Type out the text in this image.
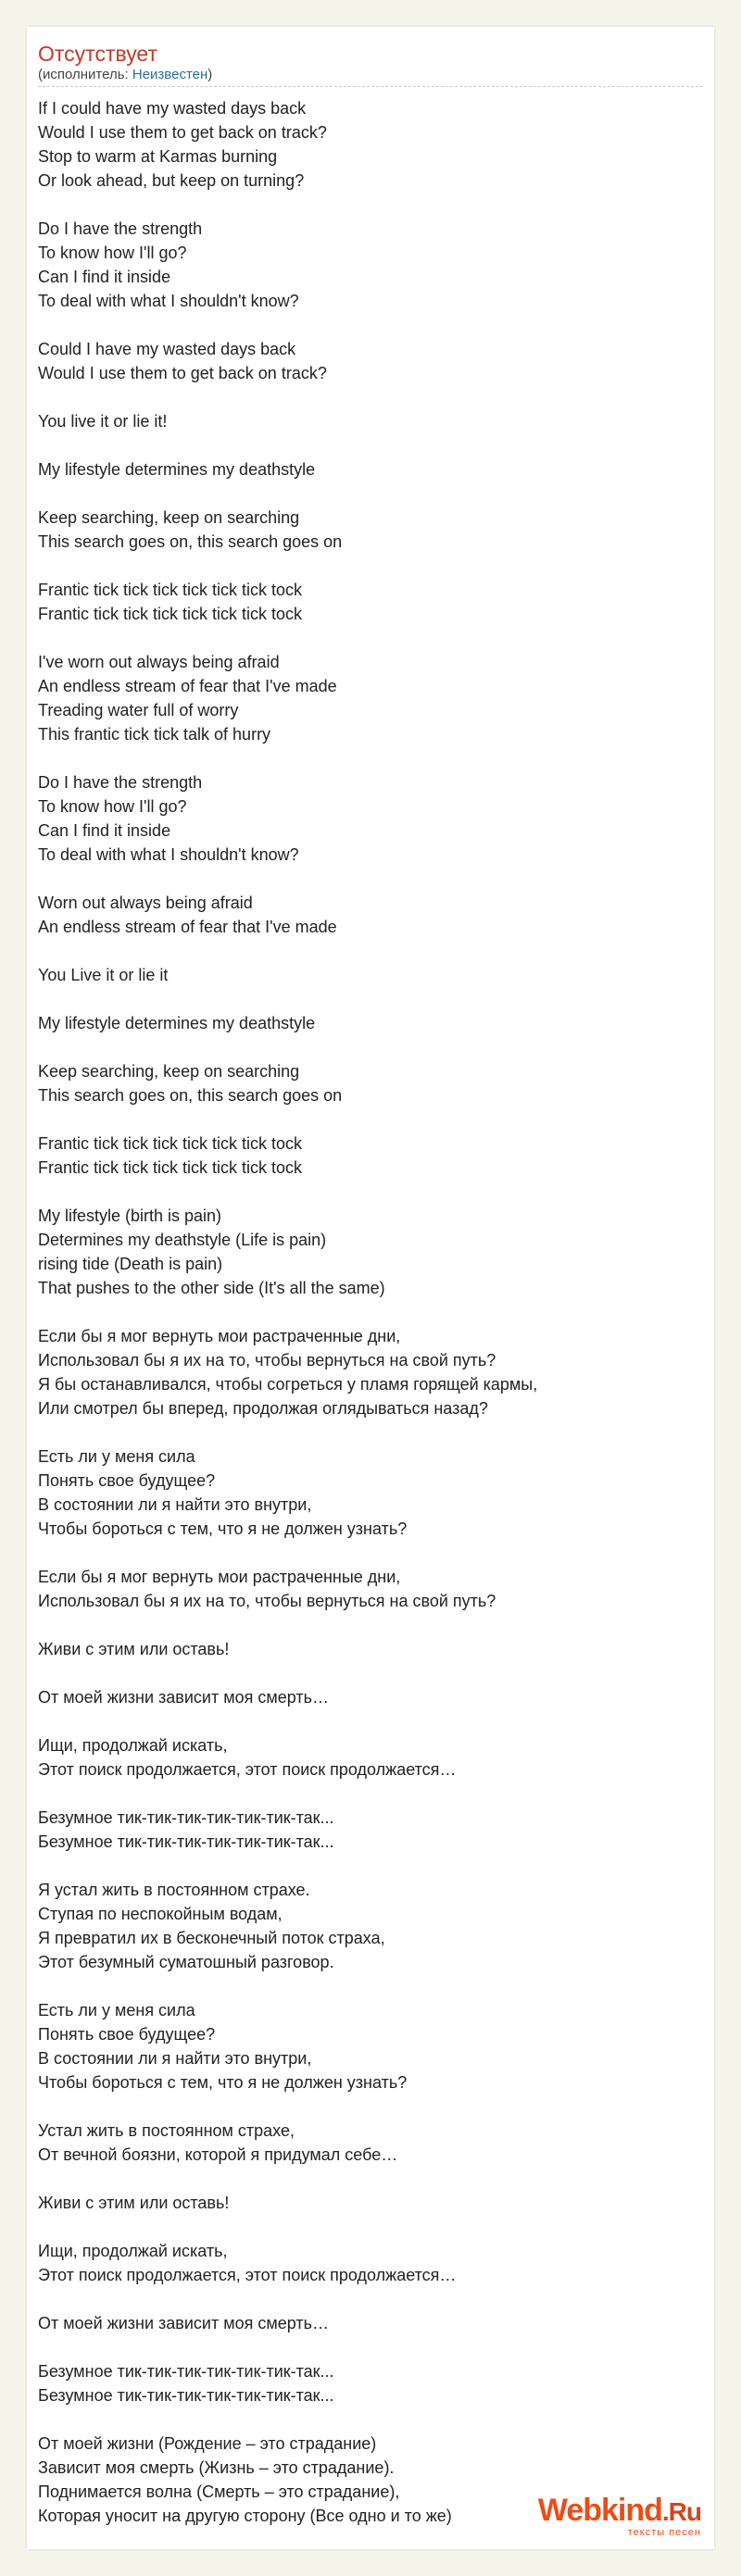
Отсутствует
(исполнитель: Неизвестен)
If I could have my wasted days back
Would I use them to get back on track?
Stop to warm at Karmas burning
Or look ahead, but keep on turning?
Do I have the strength
To know how I'll go?
Can I find it inside
To deal with what I shouldn't know?
Could I have my wasted days back
Would I use them to get back on track?
You live it or lie it!
My lifestyle determines my deathstyle
Keep searching, keep on searching
This search goes on, this search goes on
Frantic tick tick tick tick tick tick tock
Frantic tick tick tick tick tick tick tock
I've worn out always being afraid
An endless stream of fear that I've made
Treading water full of worry
This frantic tick tick talk of hurry
Do I have the strength
To know how I'll go?
Can I find it inside
To deal with what I shouldn't know?
Worn out always being afraid
An endless stream of fear that I've made
You Live it or lie it
My lifestyle determines my deathstyle
Keep searching, keep on searching
This search goes on, this search goes on
Frantic tick tick tick tick tick tick tock
Frantic tick tick tick tick tick tick tock
My lifestyle (birth is pain)
Determines my deathstyle (Life is pain)
rising tide (Death is pain)
That pushes to the other side (It's all the same)
Если бы я мог вернуть мои растраченные дни,
Использовал бы я их на то, чтобы вернуться на свой путь?
Я бы останавливался, чтобы согреться у пламя горящей кармы,
Или смотрел бы вперед, продолжая оглядываться назад?
Есть ли у меня сила
Понять свое будущее?
В состоянии ли я найти это внутри,
Чтобы бороться с тем, что я не должен узнать?
Если бы я мог вернуть мои растраченные дни,
Использовал бы я их на то, чтобы вернуться на свой путь?
Живи с этим или оставь!
От моей жизни зависит моя смерть…
Ищи, продолжай искать,
Этот поиск продолжается, этот поиск продолжается…
Безумное тик-тик-тик-тик-тик-тик-так...
Безумное тик-тик-тик-тик-тик-тик-так...
Я устал жить в постоянном страхе.
Ступая по неспокойным водам,
Я превратил их в бесконечный поток страха,
Этот безумный суматошный разговор.
Есть ли у меня сила
Понять свое будущее?
В состоянии ли я найти это внутри,
Чтобы бороться с тем, что я не должен узнать?
Устал жить в постоянном страхе,
От вечной боязни, которой я придумал себе…
Живи с этим или оставь!
Ищи, продолжай искать,
Этот поиск продолжается, этот поиск продолжается…
От моей жизни зависит моя смерть…
Безумное тик-тик-тик-тик-тик-тик-так...
Безумное тик-тик-тик-тик-тик-тик-так...
От моей жизни (Рождение – это страдание)
Зависит моя смерть (Жизнь – это страдание).
Поднимается волна (Смерть – это страдание),
Которая уносит на другую сторону (Все одно и то же)	Webkind.Ru
тексты песен
